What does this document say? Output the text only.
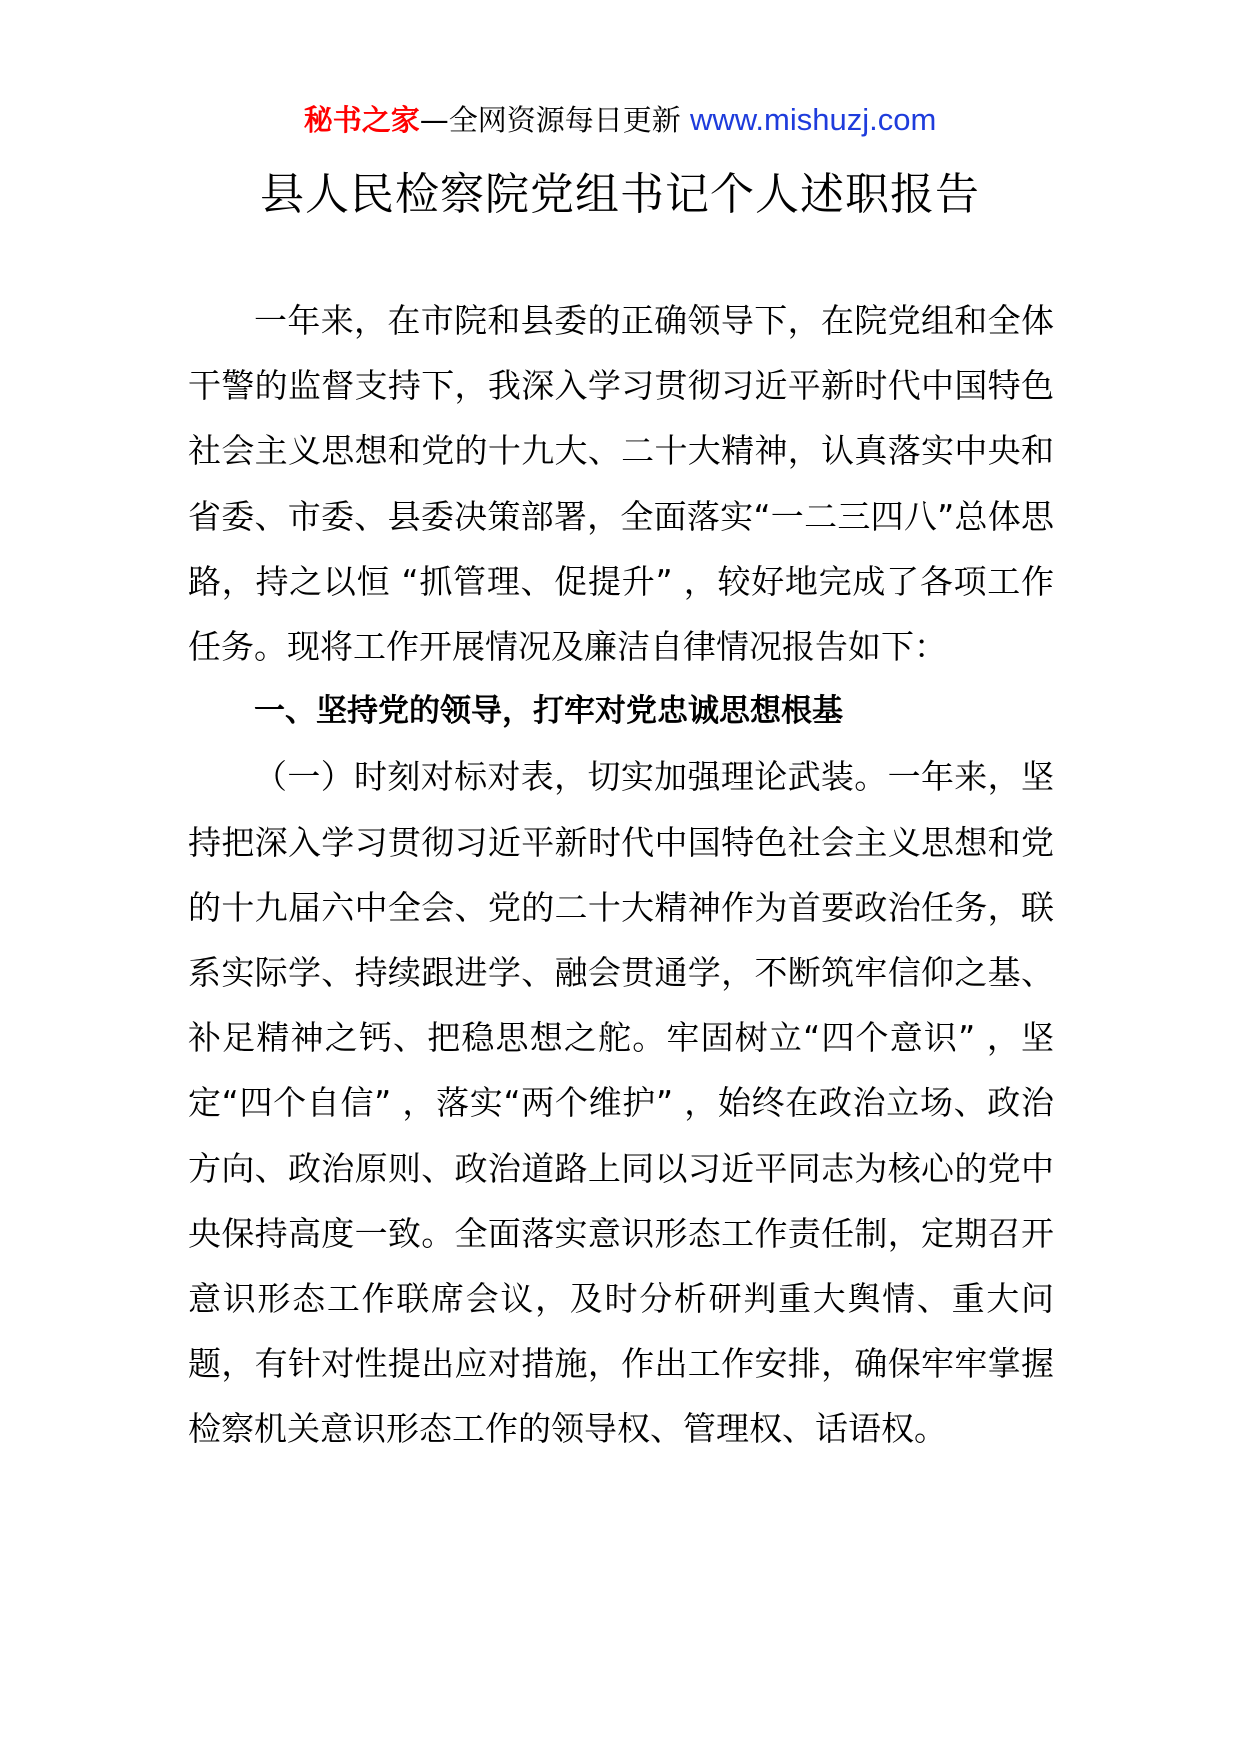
秘书之家—全网资源每日更新 www.mishuzj.com
县人民检察院党组书记个人述职报告

一年来，在市院和县委的正确领导下，在院党组和全体干警的监督支持下，我深入学习贯彻习近平新时代中国特色社会主义思想和党的十九大、二十大精神，认真落实中央和省委、市委、县委决策部署，全面落实“一二三四八”总体思路，持之以恒 “抓管理、促提升” ，较好地完成了各项工作任务。现将工作开展情况及廉洁自律情况报告如下：

一、坚持党的领导，打牢对党忠诚思想根基

（一）时刻对标对表，切实加强理论武装。一年来，坚持把深入学习贯彻习近平新时代中国特色社会主义思想和党的十九届六中全会、党的二十大精神作为首要政治任务，联系实际学、持续跟进学、融会贯通学，不断筑牢信仰之基、补足精神之钙、把稳思想之舵。牢固树立“四个意识” ，坚定“四个自信” ，落实“两个维护” ，始终在政治立场、政治方向、政治原则、政治道路上同以习近平同志为核心的党中央保持高度一致。全面落实意识形态工作责任制，定期召开意识形态工作联席会议，及时分析研判重大舆情、重大问题，有针对性提出应对措施，作出工作安排，确保牢牢掌握检察机关意识形态工作的领导权、管理权、话语权。
